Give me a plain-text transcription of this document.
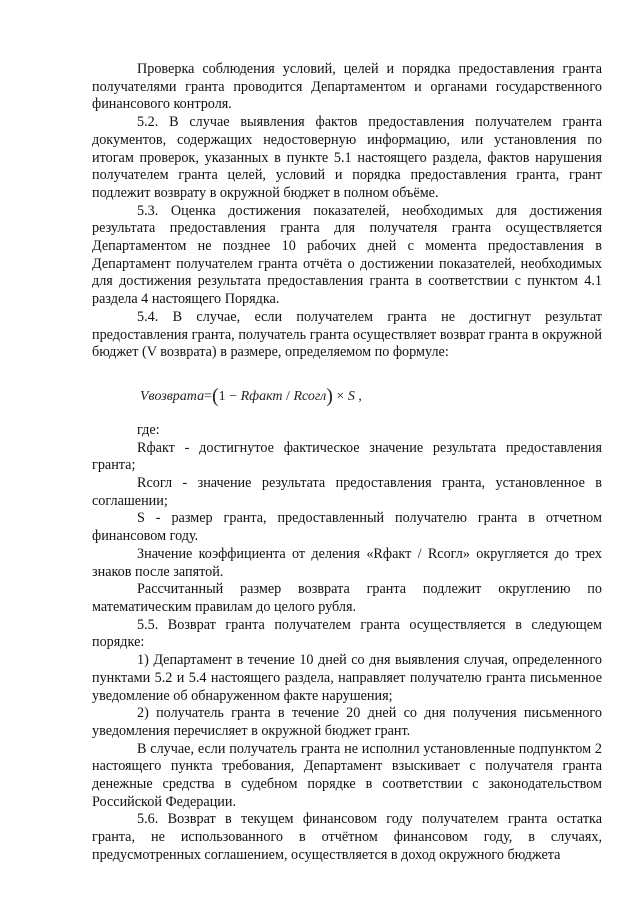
Проверка соблюдения условий, целей и порядка предоставления гранта получателями гранта проводится Департаментом и органами государственного финансового контроля.

5.2. В случае выявления фактов предоставления получателем гранта документов, содержащих недостоверную информацию, или установления по итогам проверок, указанных в пункте 5.1 настоящего раздела, фактов нарушения получателем гранта целей, условий и порядка предоставления гранта, грант подлежит возврату в окружной бюджет в полном объёме.

5.3. Оценка достижения показателей, необходимых для достижения результата предоставления гранта для получателя гранта осуществляется Департаментом не позднее 10 рабочих дней с момента предоставления в Департамент получателем гранта отчёта о достижении показателей, необходимых для достижения результата предоставления гранта в соответствии с пунктом 4.1 раздела 4 настоящего Порядка.

5.4. В случае, если получателем гранта не достигнут результат предоставления гранта, получатель гранта осуществляет возврат гранта в окружной бюджет (V возврата) в размере, определяемом по формуле:

Vвозврата=(1 − Rфакт / Rсогл) × S ,

где:

Rфакт - достигнутое фактическое значение результата предоставления гранта;

Rсогл - значение результата предоставления гранта, установленное в соглашении;

S - размер гранта, предоставленный получателю гранта в отчетном финансовом году.

Значение коэффициента от деления «Rфакт / Rсогл» округляется до трех знаков после запятой.

Рассчитанный размер возврата гранта подлежит округлению по математическим правилам до целого рубля.

5.5. Возврат гранта получателем гранта осуществляется в следующем порядке:

1) Департамент в течение 10 дней со дня выявления случая, определенного пунктами 5.2 и 5.4 настоящего раздела, направляет получателю гранта письменное уведомление об обнаруженном факте нарушения;

2) получатель гранта в течение 20 дней со дня получения письменного уведомления перечисляет в окружной бюджет грант.

В случае, если получатель гранта не исполнил установленные подпунктом 2 настоящего пункта требования, Департамент взыскивает с получателя гранта денежные средства в судебном порядке в соответствии с законодательством Российской Федерации.

5.6. Возврат в текущем финансовом году получателем гранта остатка гранта, не использованного в отчётном финансовом году, в случаях, предусмотренных соглашением, осуществляется в доход окружного бюджета
